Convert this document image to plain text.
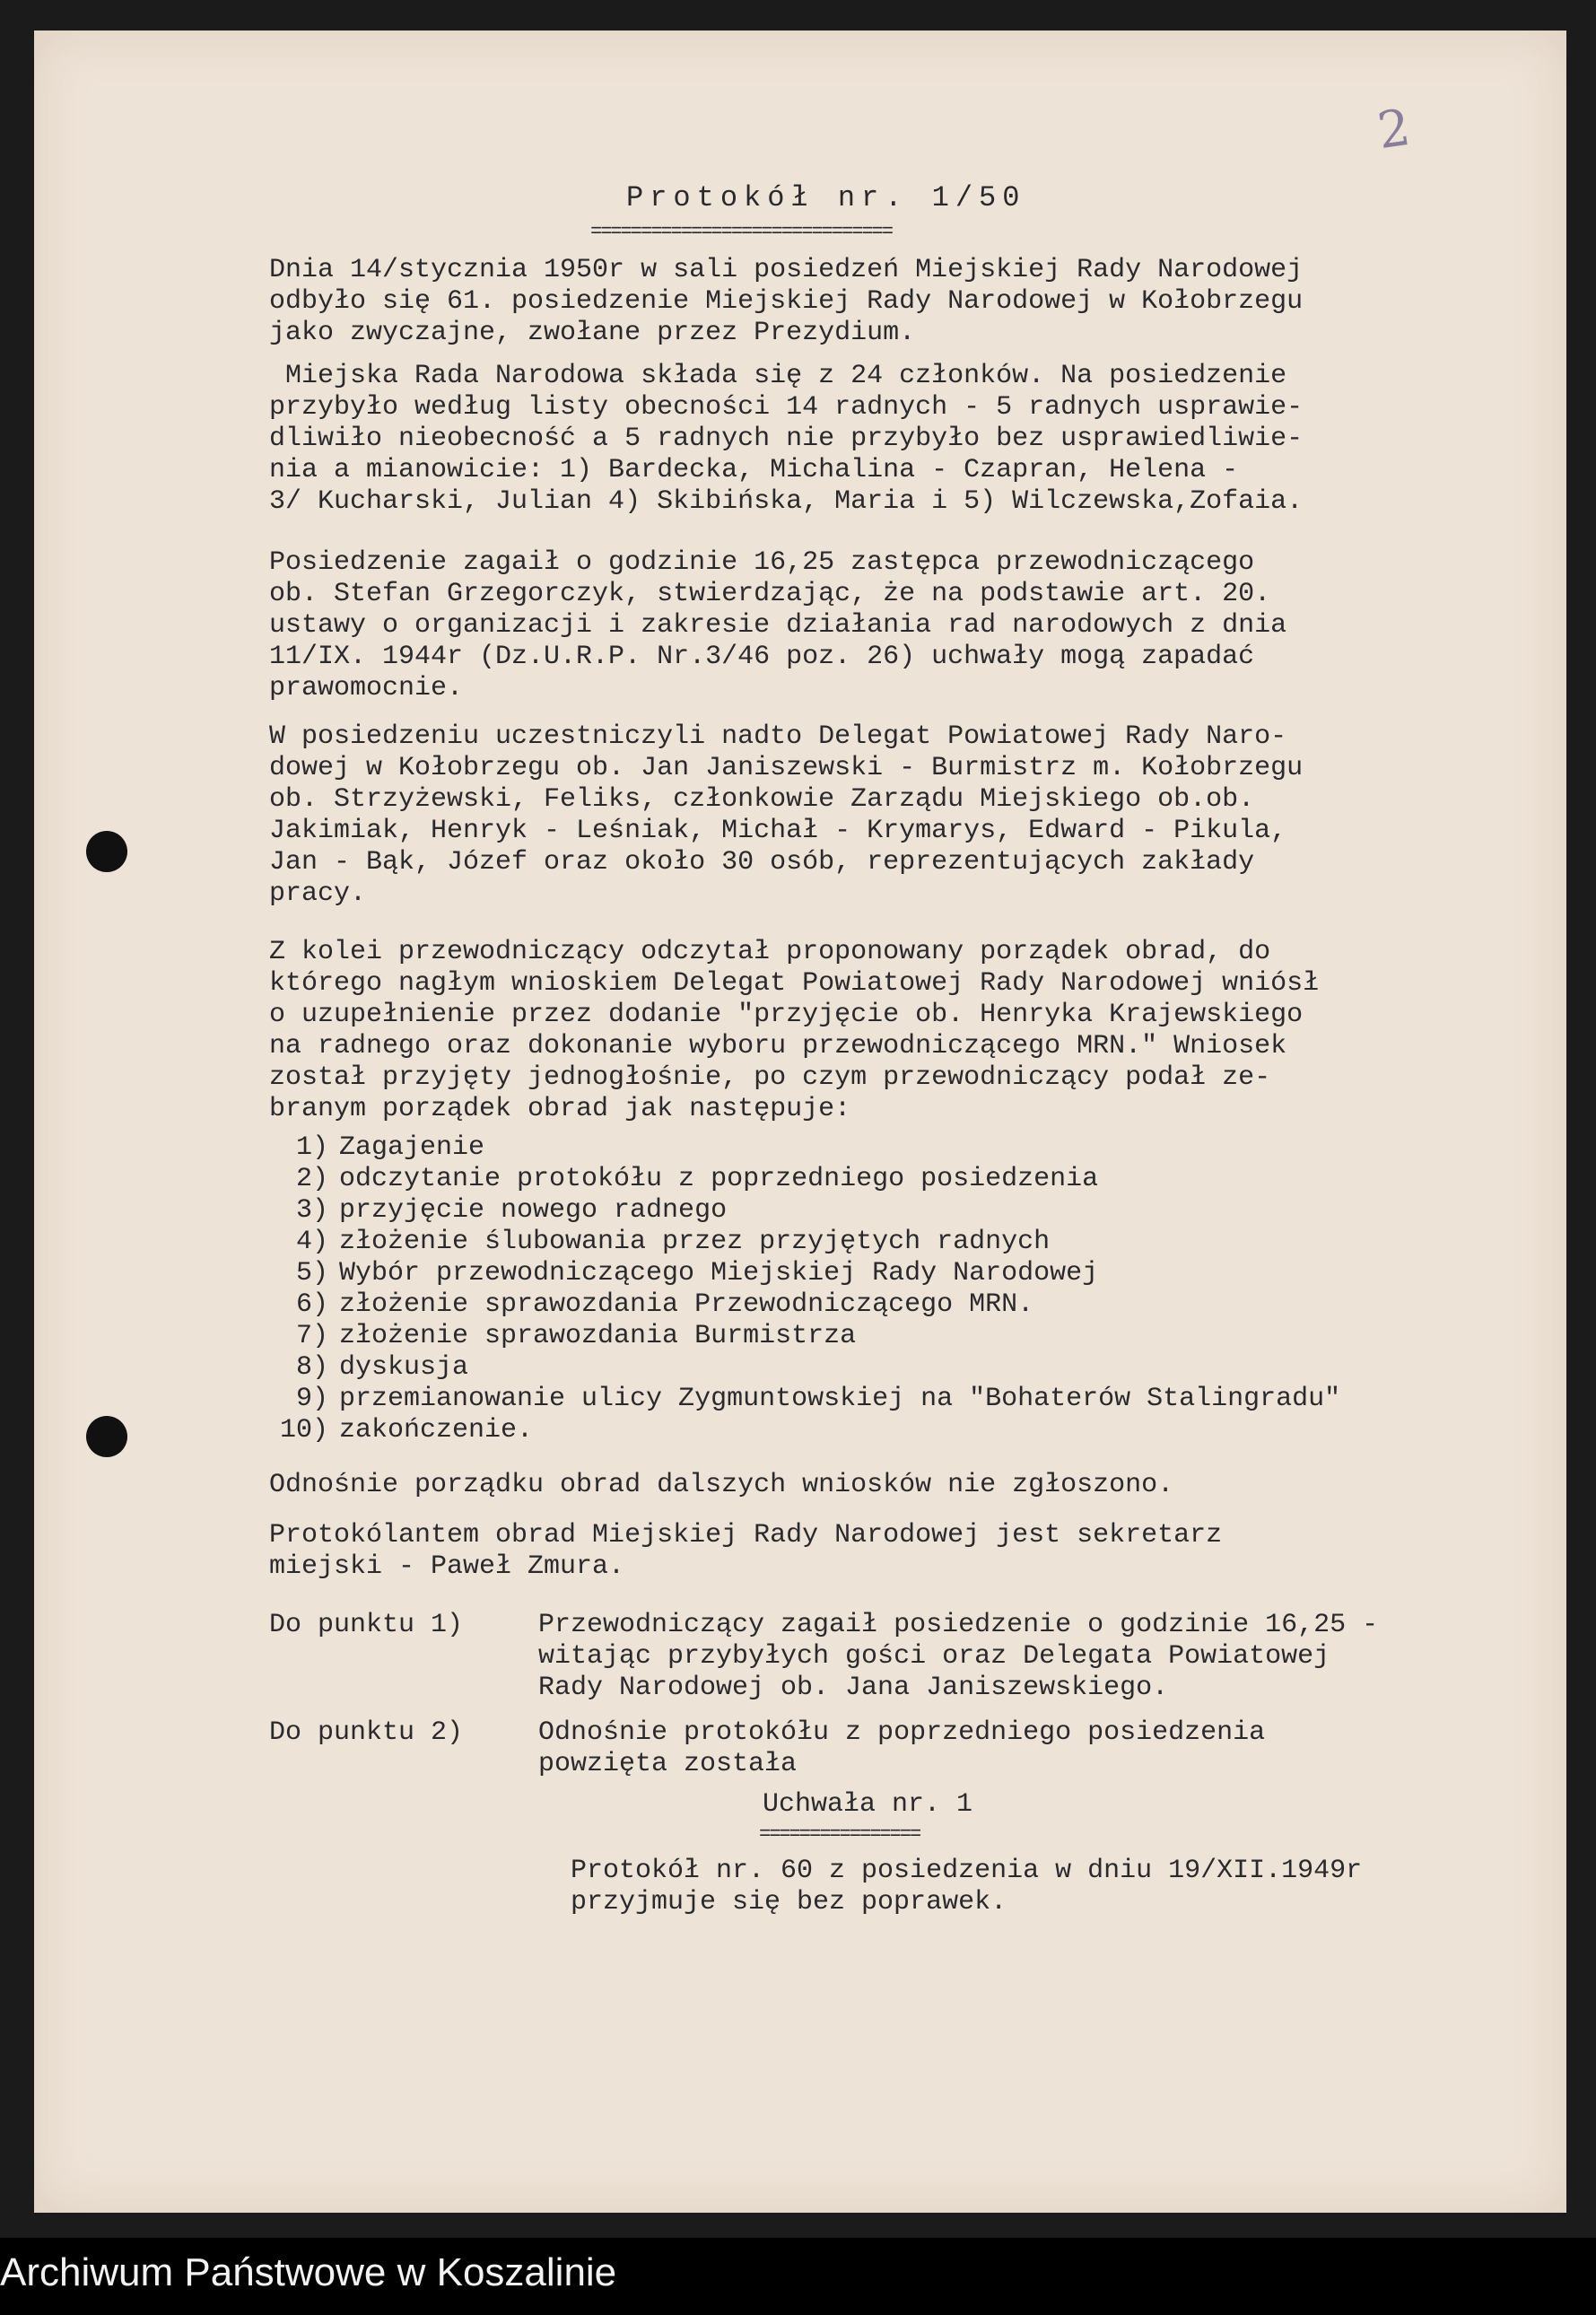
2
Protokół nr. 1/50
==============================

Dnia 14/stycznia 1950r w sali posiedzeń Miejskiej Rady Narodowej
odbyło się 61. posiedzenie Miejskiej Rady Narodowej w Kołobrzegu
jako zwyczajne, zwołane przez Prezydium.

Miejska Rada Narodowa składa się z 24 członków. Na posiedzenie
przybyło według listy obecności 14 radnych - 5 radnych usprawie-
dliwiło nieobecność a 5 radnych nie przybyło bez usprawiedliwie-
nia a mianowicie: 1) Bardecka, Michalina - Czapran, Helena -
3/ Kucharski, Julian 4) Skibińska, Maria i 5) Wilczewska,Zofaia.

Posiedzenie zagaił o godzinie 16,25 zastępca przewodniczącego
ob. Stefan Grzegorczyk, stwierdzając, że na podstawie art. 20.
ustawy o organizacji i zakresie działania rad narodowych z dnia
11/IX. 1944r (Dz.U.R.P. Nr.3/46 poz. 26) uchwały mogą zapadać
prawomocnie.

W posiedzeniu uczestniczyli nadto Delegat Powiatowej Rady Naro-
dowej w Kołobrzegu ob. Jan Janiszewski - Burmistrz m. Kołobrzegu
ob. Strzyżewski, Feliks, członkowie Zarządu Miejskiego ob.ob.
Jakimiak, Henryk - Leśniak, Michał - Krymarys, Edward - Pikula,
Jan - Bąk, Józef oraz około 30 osób, reprezentujących zakłady
pracy.

Z kolei przewodniczący odczytał proponowany porządek obrad, do
którego nagłym wnioskiem Delegat Powiatowej Rady Narodowej wniósł
o uzupełnienie przez dodanie "przyjęcie ob. Henryka Krajewskiego
na radnego oraz dokonanie wyboru przewodniczącego MRN." Wniosek
został przyjęty jednogłośnie, po czym przewodniczący podał ze-
branym porządek obrad jak następuje:

1) Zagajenie
2) odczytanie protokółu z poprzedniego posiedzenia
3) przyjęcie nowego radnego
4) złożenie ślubowania przez przyjętych radnych
5) Wybór przewodniczącego Miejskiej Rady Narodowej
6) złożenie sprawozdania Przewodniczącego MRN.
7) złożenie sprawozdania Burmistrza
8) dyskusja
9) przemianowanie ulicy Zygmuntowskiej na "Bohaterów Stalingradu"
10) zakończenie.

Odnośnie porządku obrad dalszych wniosków nie zgłoszono.

Protokólantem obrad Miejskiej Rady Narodowej jest sekretarz
miejski - Paweł Zmura.

Do punktu 1)	Przewodniczący zagaił posiedzenie o godzinie 16,25 -
witając przybyłych gości oraz Delegata Powiatowej
Rady Narodowej ob. Jana Janiszewskiego.
Do punktu 2)	Odnośnie protokółu z poprzedniego posiedzenia
powzięta została
Uchwała nr. 1
================

Protokół nr. 60 z posiedzenia w dniu 19/XII.1949r
przyjmuje się bez poprawek.

Archiwum Państwowe w Koszalinie
